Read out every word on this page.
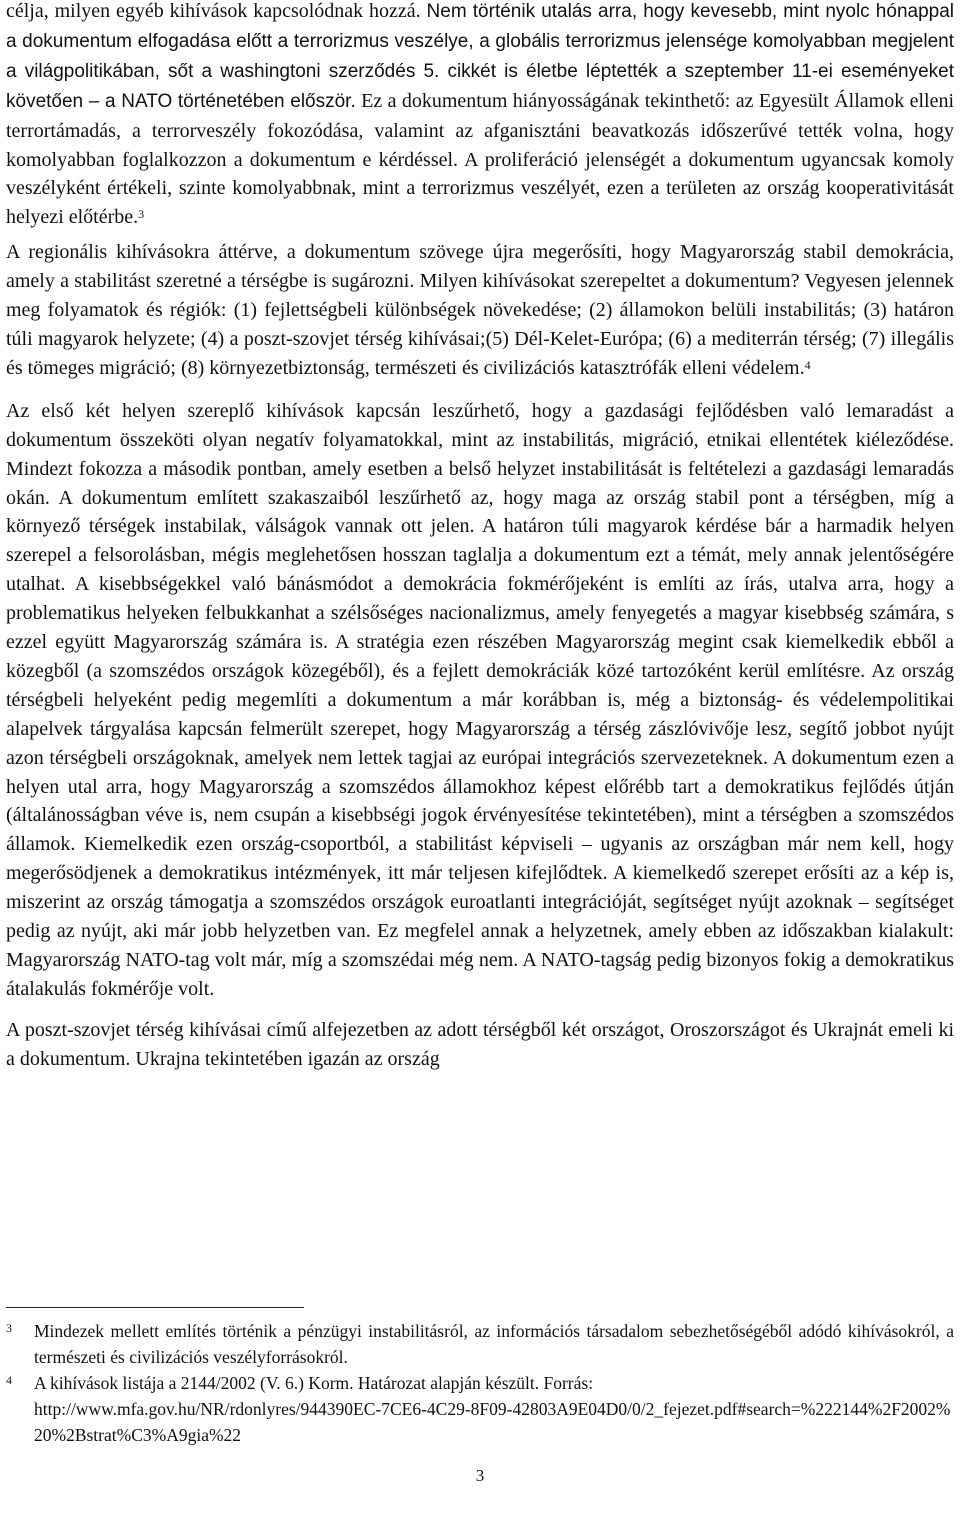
célja, milyen egyéb kihívások kapcsolódnak hozzá. Nem történik utalás arra, hogy kevesebb, mint nyolc hónappal a dokumentum elfogadása előtt a terrorizmus veszélye, a globális terrorizmus jelensége komolyabban megjelent a világpolitikában, sőt a washingtoni szerződés 5. cikkét is életbe léptették a szeptember 11-ei eseményeket követően – a NATO történetében először. Ez a dokumentum hiányosságának tekinthető: az Egyesült Államok elleni terrortámadás, a terrorveszély fokozódása, valamint az afganisztáni beavatkozás időszerűvé tették volna, hogy komolyabban foglalkozzon a dokumentum e kérdéssel. A proliferáció jelenségét a dokumentum ugyancsak komoly veszélyként értékeli, szinte komolyabbnak, mint a terrorizmus veszélyét, ezen a területen az ország kooperativitását helyezi előtérbe.$^3$

A regionális kihívásokra áttérve, a dokumentum szövege újra megerősíti, hogy Magyarország stabil demokrácia, amely a stabilitást szeretné a térségbe is sugározni. Milyen kihívásokat szerepeltet a dokumentum? Vegyesen jelennek meg folyamatok és régiók: (1) fejlettségbeli különbségek növekedése; (2) államokon belüli instabilitás; (3) határon túli magyarok helyzete; (4) a poszt-szovjet térség kihívásai;(5) Dél-Kelet-Európa; (6) a mediterrán térség; (7) illegális és tömeges migráció; (8) környezetbiztonság, természeti és civilizációs katasztrófák elleni védelem.$^4$

Az első két helyen szereplő kihívások kapcsán leszűrhető, hogy a gazdasági fejlődésben való lemaradást a dokumentum összeköti olyan negatív folyamatokkal, mint az instabilitás, migráció, etnikai ellentétek kiéleződése. Mindezt fokozza a második pontban, amely esetben a belső helyzet instabilitását is feltételezi a gazdasági lemaradás okán. A dokumentum említett szakaszaiból leszűrhető az, hogy maga az ország stabil pont a térségben, míg a környező térségek instabilak, válságok vannak ott jelen. A határon túli magyarok kérdése bár a harmadik helyen szerepel a felsorolásban, mégis meglehetősen hosszan taglalja a dokumentum ezt a témát, mely annak jelentőségére utalhat. A kisebbségekkel való bánásmódot a demokrácia fokmérőjeként is említi az írás, utalva arra, hogy a problematikus helyeken felbukkanhat a szélsőséges nacionalizmus, amely fenyegetés a magyar kisebbség számára, s ezzel együtt Magyarország számára is. A stratégia ezen részében Magyarország megint csak kiemelkedik ebből a közegből (a szomszédos országok közegéből), és a fejlett demokráciák közé tartozóként kerül említésre. Az ország térségbeli helyeként pedig megemlíti a dokumentum a már korábban is, még a biztonság- és védelempolitikai alapelvek tárgyalása kapcsán felmerült szerepet, hogy Magyarország a térség zászlóvivője lesz, segítő jobbot nyújt azon térségbeli országoknak, amelyek nem lettek tagjai az európai integrációs szervezeteknek. A dokumentum ezen a helyen utal arra, hogy Magyarország a szomszédos államokhoz képest előrébb tart a demokratikus fejlődés útján (általánosságban véve is, nem csupán a kisebbségi jogok érvényesítése tekintetében), mint a térségben a szomszédos államok. Kiemelkedik ezen ország-csoportból, a stabilitást képviseli – ugyanis az országban már nem kell, hogy megerősödjenek a demokratikus intézmények, itt már teljesen kifejlődtek. A kiemelkedő szerepet erősíti az a kép is, miszerint az ország támogatja a szomszédos országok euroatlanti integrációját, segítséget nyújt azoknak – segítséget pedig az nyújt, aki már jobb helyzetben van. Ez megfelel annak a helyzetnek, amely ebben az időszakban kialakult: Magyarország NATO-tag volt már, míg a szomszédai még nem. A NATO-tagság pedig bizonyos fokig a demokratikus átalakulás fokmérője volt.

A poszt-szovjet térség kihívásai című alfejezetben az adott térségből két országot, Oroszországot és Ukrajnát emeli ki a dokumentum. Ukrajna tekintetében igazán az ország

3 Mindezek mellett említés történik a pénzügyi instabilitásról, az információs társadalom sebezhetőségéből adódó kihívásokról, a természeti és civilizációs veszélyforrásokról.
4 A kihívások listája a 2144/2002 (V. 6.) Korm. Határozat alapján készült. Forrás:
http://www.mfa.gov.hu/NR/rdonlyres/944390EC-7CE6-4C29-8F09-42803A9E04D0/0/2_fejezet.pdf#search=%222144%2F2002%20%2Bstrat%C3%A9gia%22
3
